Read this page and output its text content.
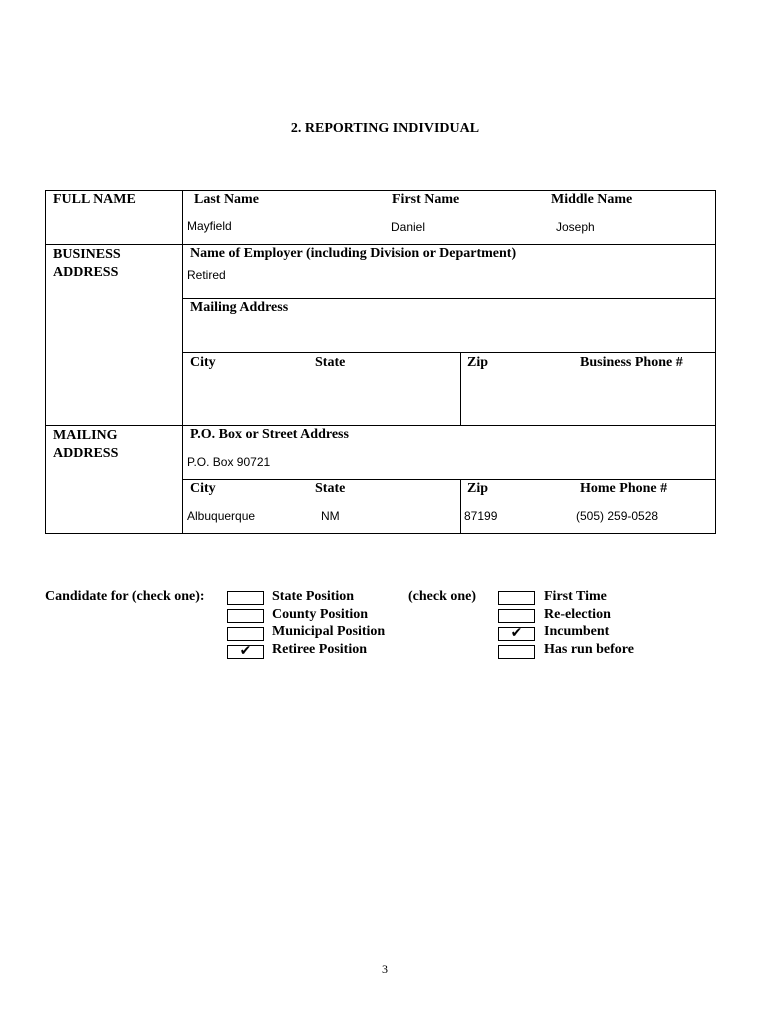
2. REPORTING INDIVIDUAL
FULL NAME	Last Name	First Name	Middle Name
Mayfield	Daniel	Joseph
BUSINESS
ADDRESS
Name of Employer (including Division or Department)
Retired
Mailing Address
City	State	Zip	Business Phone #
MAILING
ADDRESS
P.O. Box or Street Address
P.O. Box 90721
City	State	Zip	Home Phone #
Albuquerque	NM	87199	(505) 259-0528
Candidate for (check one):	State Position
County Position
Municipal Position
✔	Retiree Position
(check one)	First Time
Re-election
✔	Incumbent
Has run before
3
